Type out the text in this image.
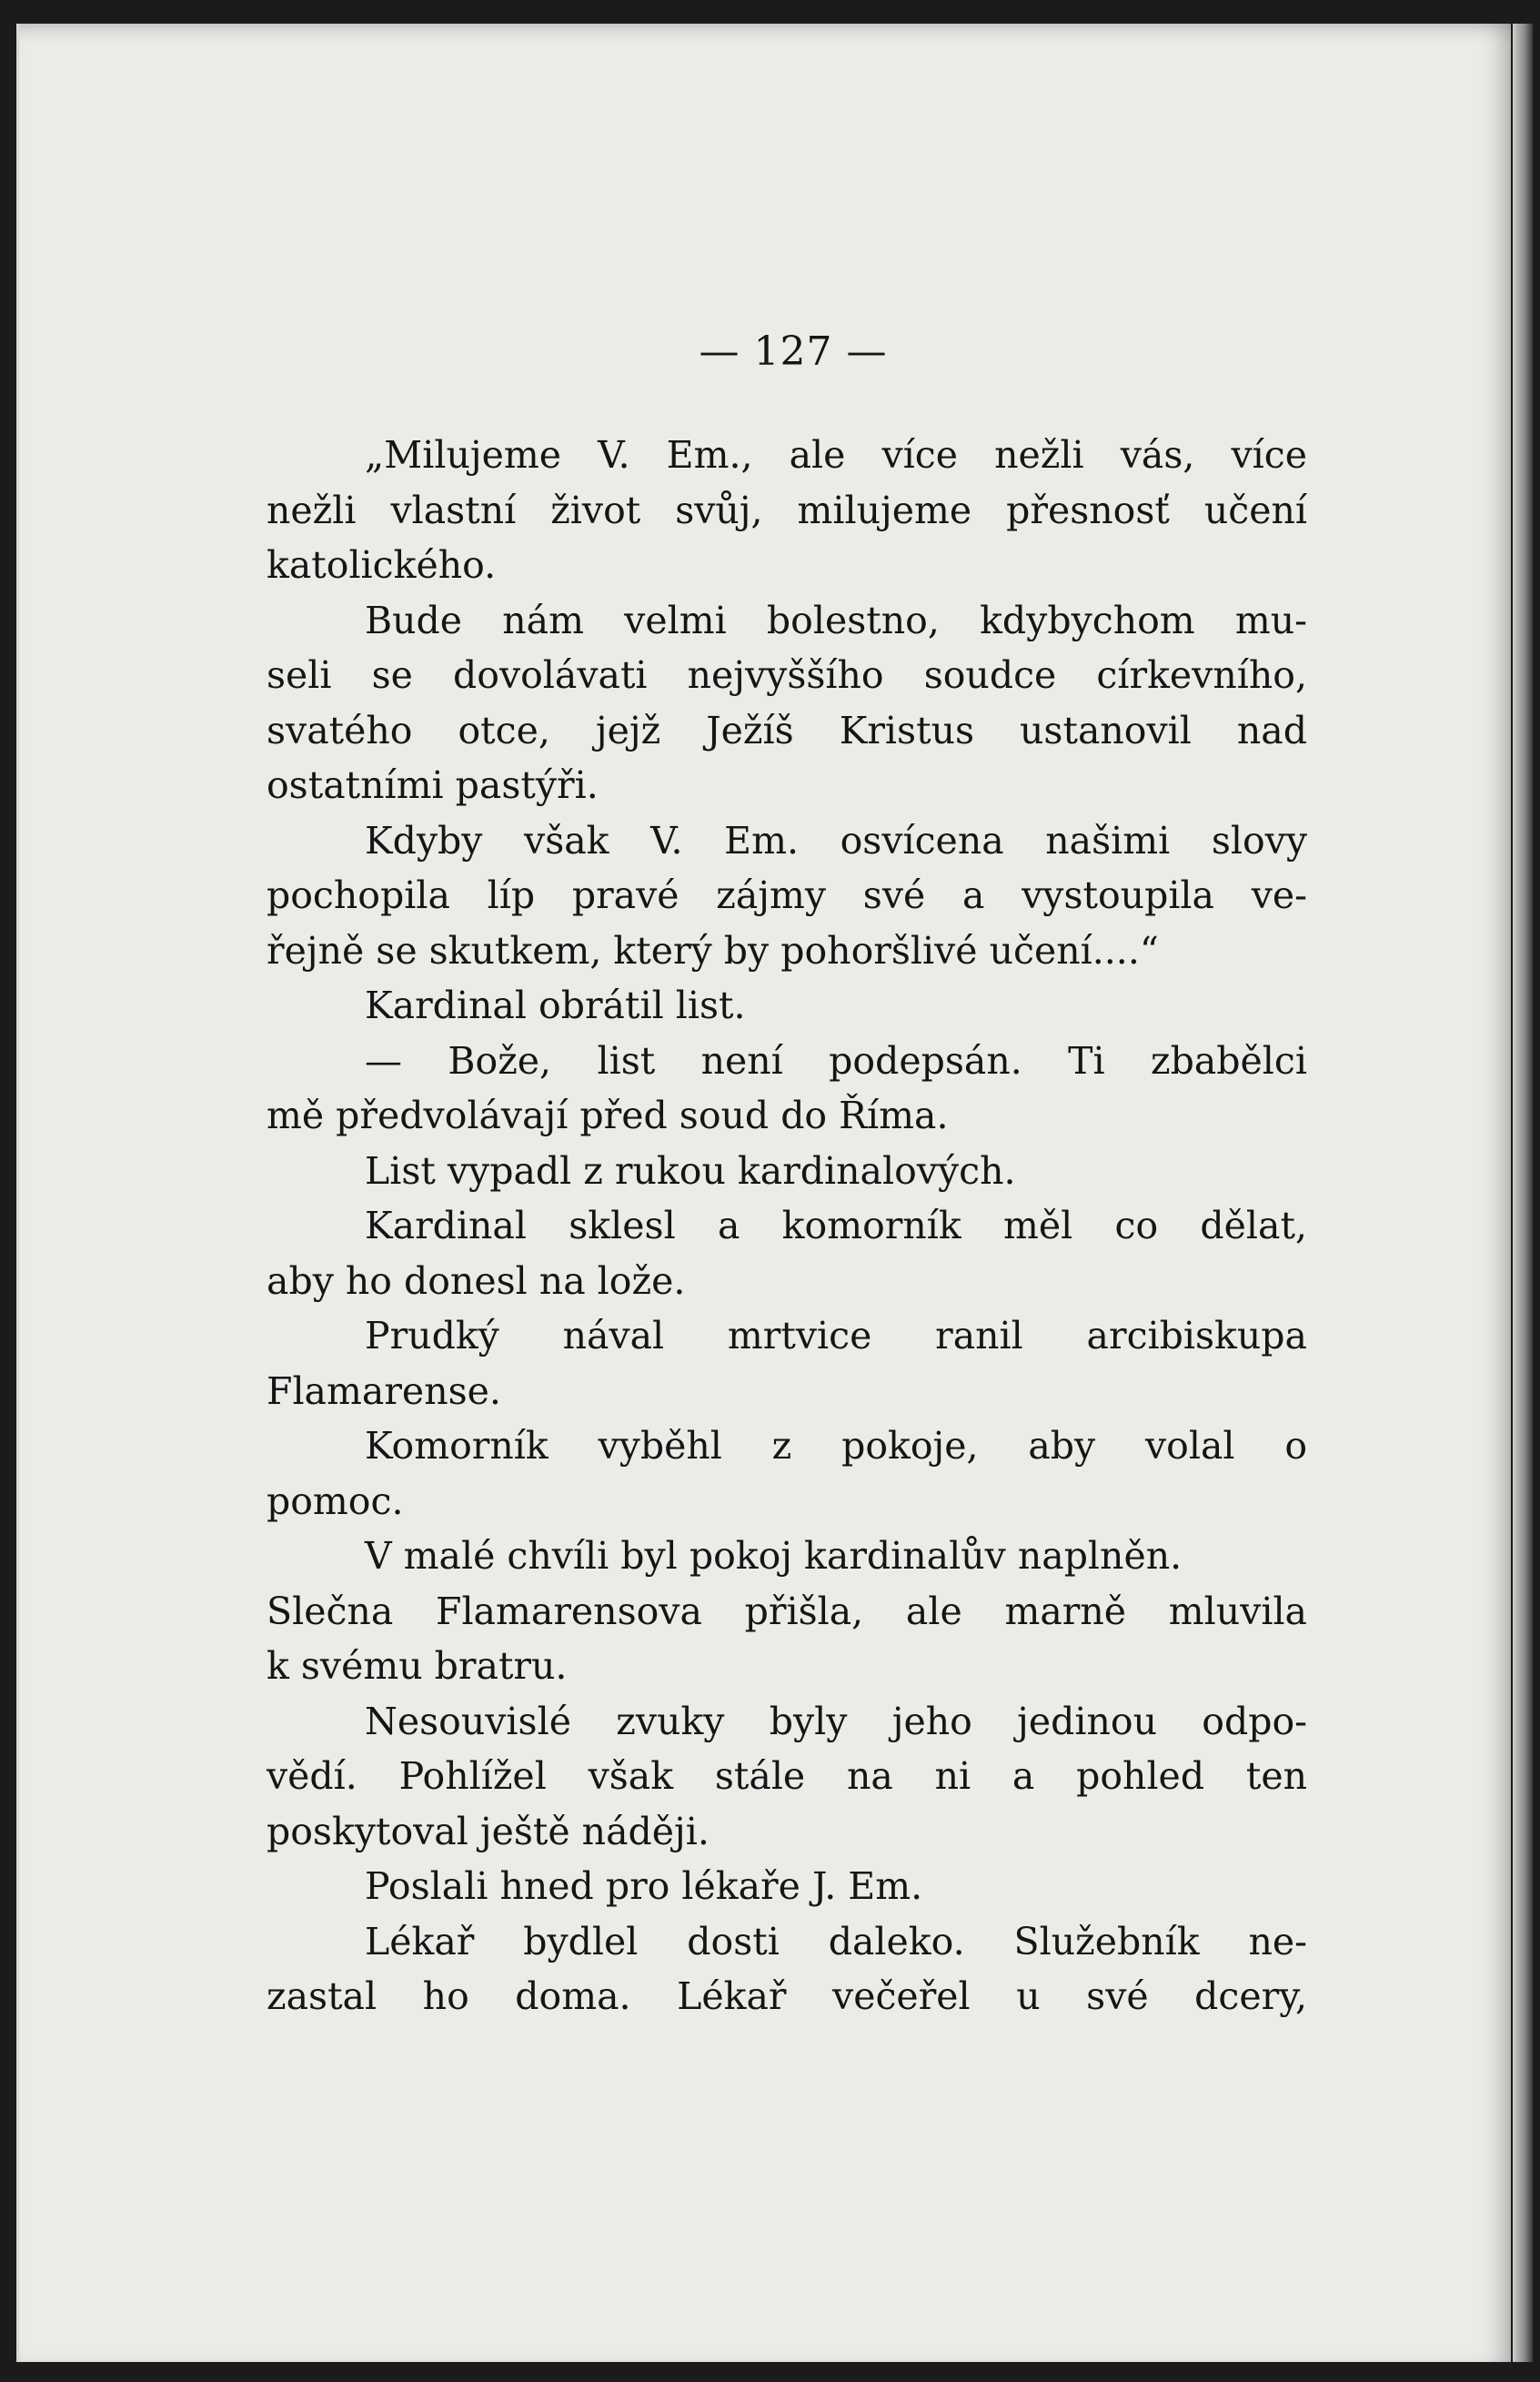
— 127 —
„Milujeme V. Em., ale více nežli vás, více
nežli vlastní život svůj, milujeme přesnosť učení
katolického.
Bude nám velmi bolestno, kdybychom mu-
seli se dovolávati nejvyššího soudce církevního,
svatého otce, jejž Ježíš Kristus ustanovil nad
ostatními pastýři.
Kdyby však V. Em. osvícena našimi slovy
pochopila líp pravé zájmy své a vystoupila ve-
řejně se skutkem, který by pohoršlivé učení....“
Kardinal obrátil list.
— Bože, list není podepsán. Ti zbabělci
mě předvolávají před soud do Říma.
List vypadl z rukou kardinalových.
Kardinal sklesl a komorník měl co dělat,
aby ho donesl na lože.
Prudký nával mrtvice ranil arcibiskupa
Flamarense.
Komorník vyběhl z pokoje, aby volal o
pomoc.
V malé chvíli byl pokoj kardinalův naplněn.
Slečna Flamarensova přišla, ale marně mluvila
k svému bratru.
Nesouvislé zvuky byly jeho jedinou odpo-
vědí. Pohlížel však stále na ni a pohled ten
poskytoval ještě náději.
Poslali hned pro lékaře J. Em.
Lékař bydlel dosti daleko. Služebník ne-
zastal ho doma. Lékař večeřel u své dcery,
